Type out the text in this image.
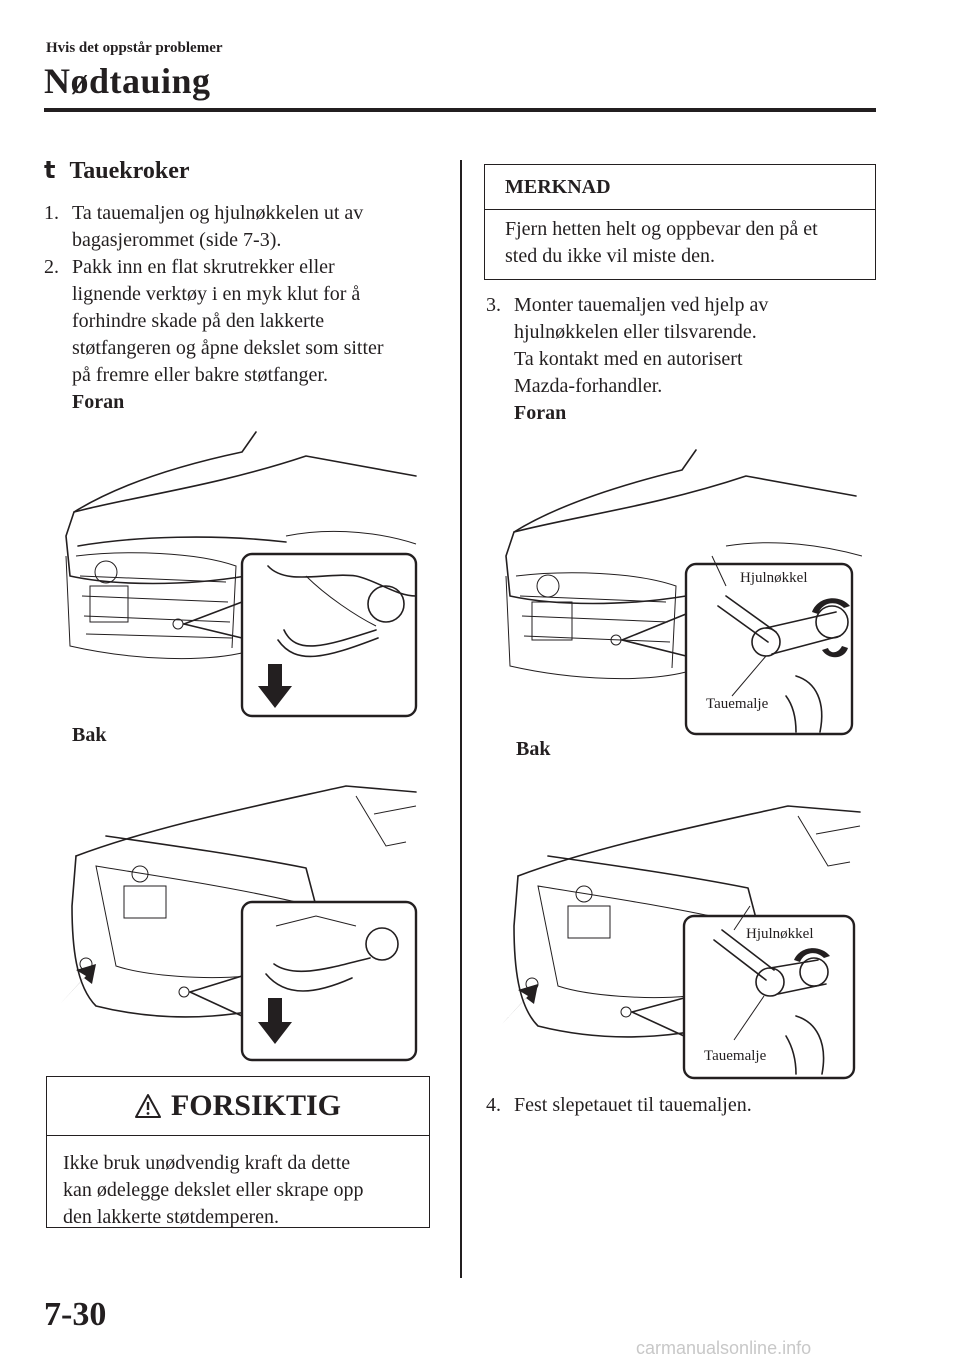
Hvis det oppstår problemer
Nødtauing
t Tauekroker
1. Ta tauemaljen og hjulnøkkelen ut av
bagasjerommet (side 7-3).
2. Pakk inn en flat skrutrekker eller
lignende verktøy i en myk klut for å
forhindre skade på den lakkerte
støtfangeren og åpne dekslet som sitter
på fremre eller bakre støtfanger.
Foran
Bak
FORSIKTIG
Ikke bruk unødvendig kraft da dette
kan ødelegge dekslet eller skrape opp
den lakkerte støtdemperen.
MERKNAD
Fjern hetten helt og oppbevar den på et
sted du ikke vil miste den.
3. Monter tauemaljen ved hjelp av
hjulnøkkelen eller tilsvarende.
Ta kontakt med en autorisert
Mazda-forhandler.
Foran
Hjulnøkkel
Tauemalje
Bak
Hjulnøkkel
Tauemalje
4. Fest slepetauet til tauemaljen.
7-30
carmanualsonline.info
